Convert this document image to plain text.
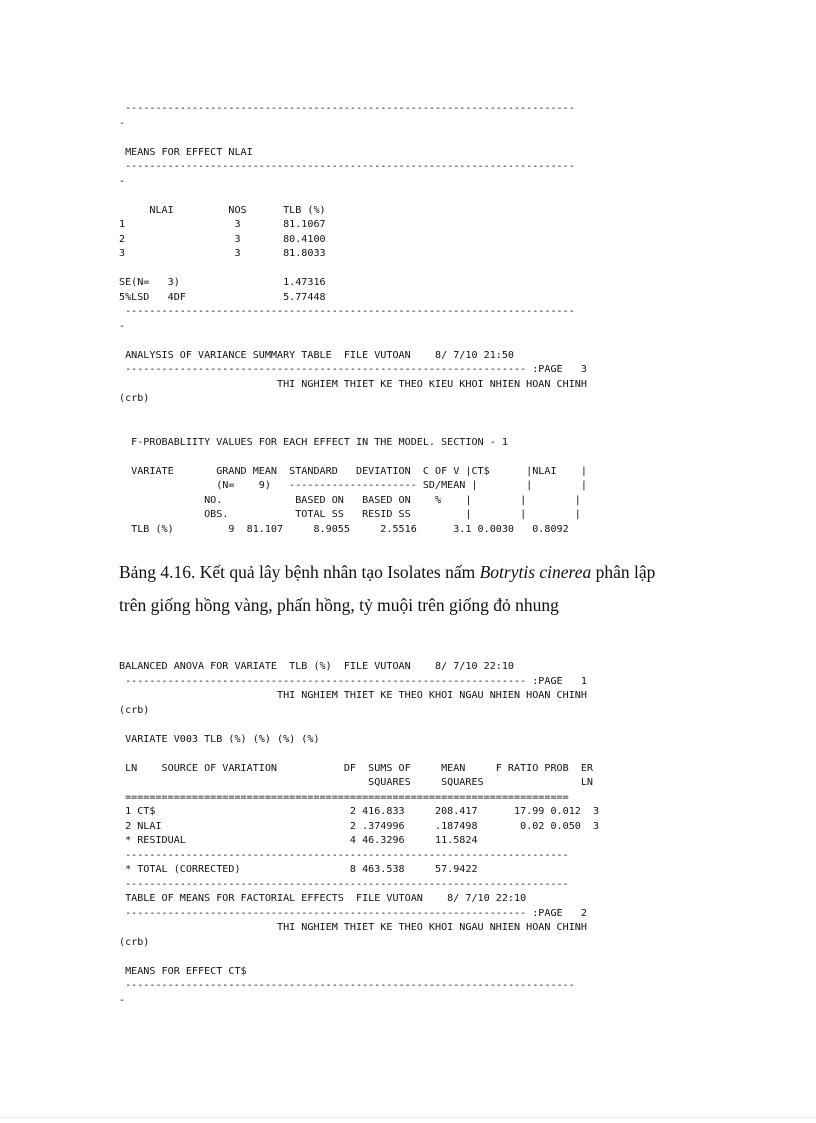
--------------------------------------------------------------------------
-

MEANS FOR EFFECT NLAI
--------------------------------------------------------------------------
-

NLAI         NOS      TLB (%)
1                  3       81.1067
2                  3       80.4100
3                  3       81.8033

SE(N=   3)                 1.47316
5%LSD   4DF                5.77448
--------------------------------------------------------------------------
-

ANALYSIS OF VARIANCE SUMMARY TABLE  FILE VUTOAN    8/ 7/10 21:50
------------------------------------------------------------------ :PAGE   3
THI NGHIEM THIET KE THEO KIEU KHOI NHIEN HOAN CHINH
(crb)

F-PROBABLIITY VALUES FOR EACH EFFECT IN THE MODEL. SECTION - 1

VARIATE       GRAND MEAN  STANDARD   DEVIATION  C OF V |CT$      |NLAI    |
(N=    9)   --------------------- SD/MEAN |        |        |
NO.            BASED ON   BASED ON    %    |        |        |
OBS.           TOTAL SS   RESID SS         |        |        |
TLB (%)         9  81.107     8.9055     2.5516      3.1 0.0030   0.8092

Bảng 4.16. Kết quả lây bệnh nhân tạo Isolates nấm Botrytis cinerea phân lập

trên giống hồng vàng, phấn hồng, tỷ muội trên giống đỏ nhung

BALANCED ANOVA FOR VARIATE  TLB (%)  FILE VUTOAN    8/ 7/10 22:10
------------------------------------------------------------------ :PAGE   1
THI NGHIEM THIET KE THEO KHOI NGAU NHIEN HOAN CHINH
(crb)

VARIATE V003 TLB (%) (%) (%) (%)

LN    SOURCE OF VARIATION           DF  SUMS OF     MEAN     F RATIO PROB  ER
SQUARES     SQUARES                LN
=========================================================================
1 CT$                                2 416.833     208.417      17.99 0.012  3
2 NLAI                               2 .374996     .187498       0.02 0.050  3
* RESIDUAL                           4 46.3296     11.5824
-------------------------------------------------------------------------
* TOTAL (CORRECTED)                  8 463.538     57.9422
-------------------------------------------------------------------------
TABLE OF MEANS FOR FACTORIAL EFFECTS  FILE VUTOAN    8/ 7/10 22:10
------------------------------------------------------------------ :PAGE   2
THI NGHIEM THIET KE THEO KHOI NGAU NHIEN HOAN CHINH
(crb)

MEANS FOR EFFECT CT$
--------------------------------------------------------------------------
-
